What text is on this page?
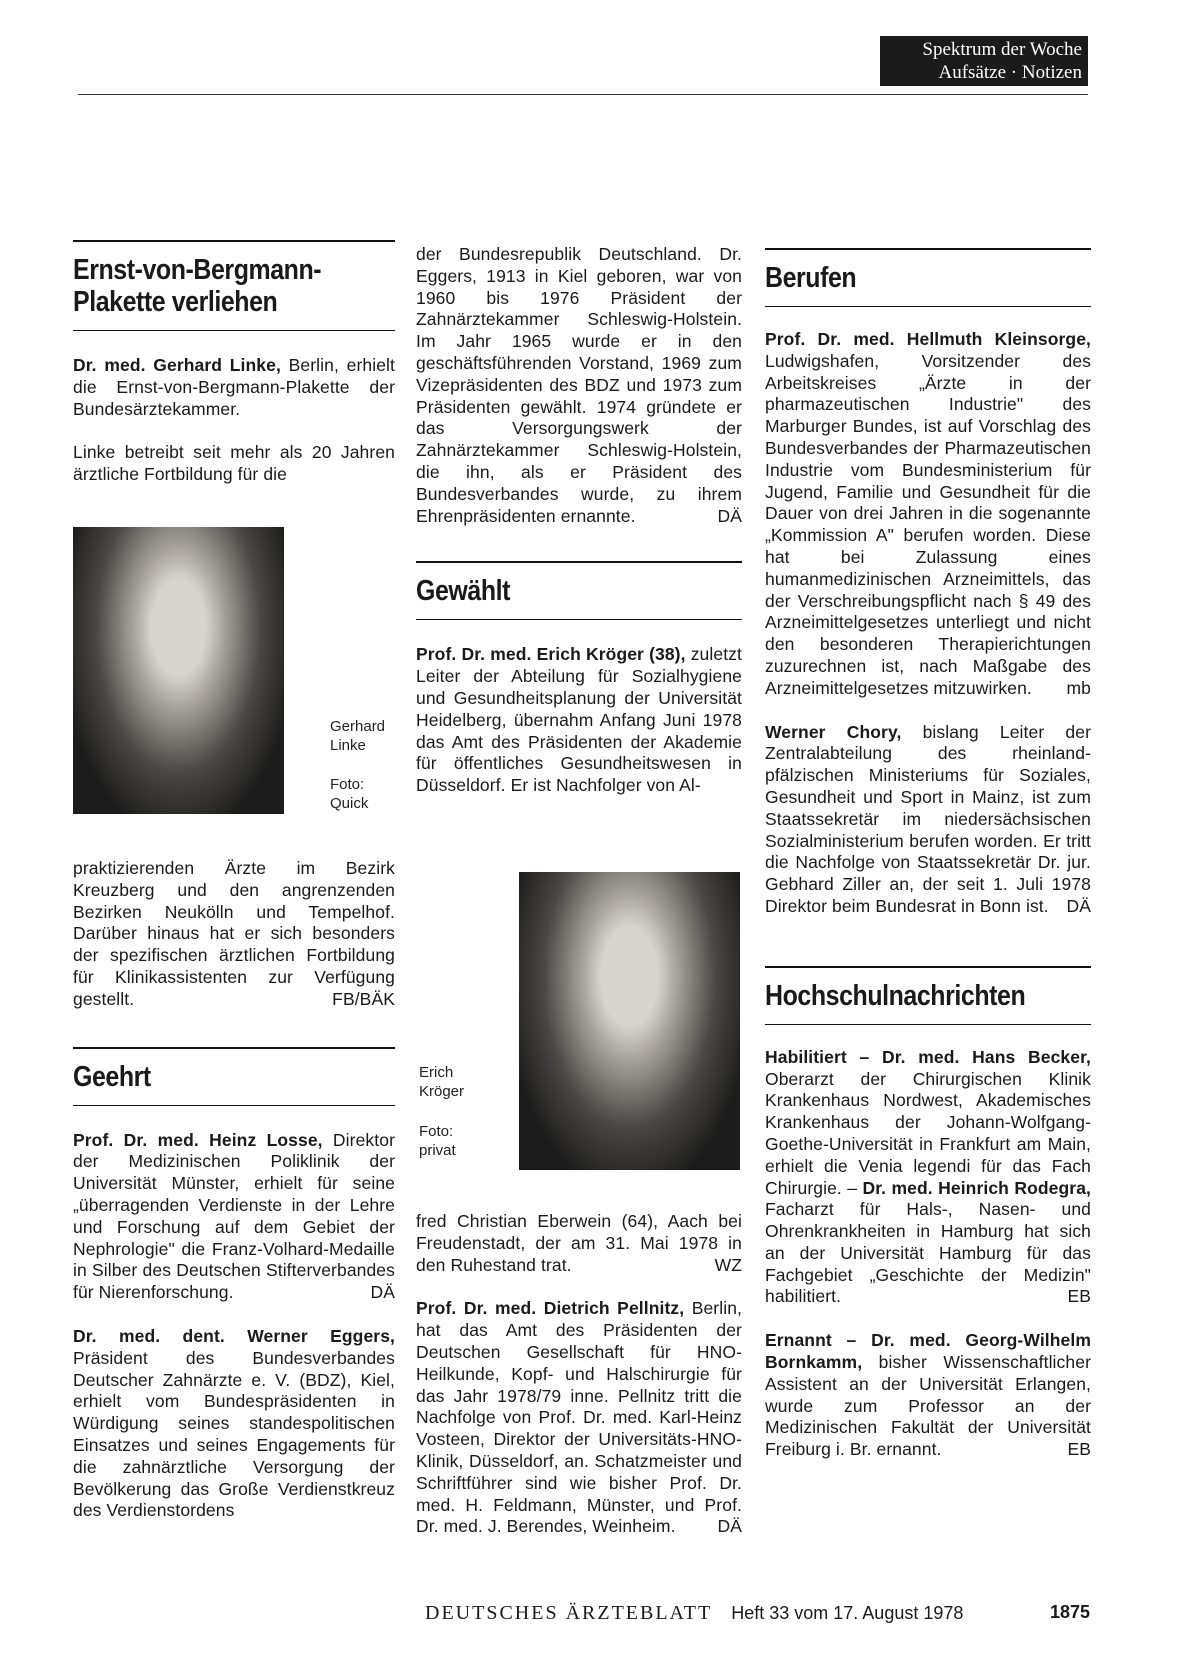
Spektrum der Woche
Aufsätze · Notizen
Ernst-von-Bergmann-
Plakette verliehen

Dr. med. Gerhard Linke, Berlin, erhielt die Ernst-von-Bergmann-Plakette der Bundesärztekammer.

Linke betreibt seit mehr als 20 Jahren ärztliche Fortbildung für die

Gerhard
Linke
Foto:
Quick

praktizierenden Ärzte im Bezirk Kreuzberg und den angrenzenden Bezirken Neukölln und Tempelhof. Darüber hinaus hat er sich besonders der spezifischen ärztlichen Fortbildung für Klinikassistenten zur Verfügung gestellt.	FB/BÄK

Geehrt

Prof. Dr. med. Heinz Losse, Direktor der Medizinischen Poliklinik der Universität Münster, erhielt für seine „überragenden Verdienste in der Lehre und Forschung auf dem Gebiet der Nephrologie" die Franz-Volhard-Medaille in Silber des Deutschen Stifterverbandes für Nierenforschung.	DÄ

Dr. med. dent. Werner Eggers, Präsident des Bundesverbandes Deutscher Zahnärzte e. V. (BDZ), Kiel, erhielt vom Bundespräsidenten in Würdigung seines standespolitischen Einsatzes und seines Engagements für die zahnärztliche Versorgung der Bevölkerung das Große Verdienstkreuz des Verdienstordens

der Bundesrepublik Deutschland. Dr. Eggers, 1913 in Kiel geboren, war von 1960 bis 1976 Präsident der Zahnärztekammer Schleswig-Holstein. Im Jahr 1965 wurde er in den geschäftsführenden Vorstand, 1969 zum Vizepräsidenten des BDZ und 1973 zum Präsidenten gewählt. 1974 gründete er das Versorgungswerk der Zahnärztekammer Schleswig-Holstein, die ihn, als er Präsident des Bundesverbandes wurde, zu ihrem Ehrenpräsidenten ernannte.	DÄ

Gewählt

Prof. Dr. med. Erich Kröger (38), zuletzt Leiter der Abteilung für Sozialhygiene und Gesundheitsplanung der Universität Heidelberg, übernahm Anfang Juni 1978 das Amt des Präsidenten der Akademie für öffentliches Gesundheitswesen in Düsseldorf. Er ist Nachfolger von Al-

Erich
Kröger
Foto:
privat

fred Christian Eberwein (64), Aach bei Freudenstadt, der am 31. Mai 1978 in den Ruhestand trat.	WZ

Prof. Dr. med. Dietrich Pellnitz, Berlin, hat das Amt des Präsidenten der Deutschen Gesellschaft für HNO-Heilkunde, Kopf- und Halschirurgie für das Jahr 1978/79 inne. Pellnitz tritt die Nachfolge von Prof. Dr. med. Karl-Heinz Vosteen, Direktor der Universitäts-HNO-Klinik, Düsseldorf, an. Schatzmeister und Schriftführer sind wie bisher Prof. Dr. med. H. Feldmann, Münster, und Prof. Dr. med. J. Berendes, Weinheim. DÄ

Berufen

Prof. Dr. med. Hellmuth Kleinsorge, Ludwigshafen, Vorsitzender des Arbeitskreises „Ärzte in der pharmazeutischen Industrie" des Marburger Bundes, ist auf Vorschlag des Bundesverbandes der Pharmazeutischen Industrie vom Bundesministerium für Jugend, Familie und Gesundheit für die Dauer von drei Jahren in die sogenannte „Kommission A" berufen worden. Diese hat bei Zulassung eines humanmedizinischen Arzneimittels, das der Verschreibungspflicht nach § 49 des Arzneimittelgesetzes unterliegt und nicht den besonderen Therapierichtungen zuzurechnen ist, nach Maßgabe des Arzneimittelgesetzes mitzuwirken. mb

Werner Chory, bislang Leiter der Zentralabteilung des rheinland-pfälzischen Ministeriums für Soziales, Gesundheit und Sport in Mainz, ist zum Staatssekretär im niedersächsischen Sozialministerium berufen worden. Er tritt die Nachfolge von Staatssekretär Dr. jur. Gebhard Ziller an, der seit 1. Juli 1978 Direktor beim Bundesrat in Bonn ist. DÄ

Hochschulnachrichten

Habilitiert – Dr. med. Hans Becker, Oberarzt der Chirurgischen Klinik Krankenhaus Nordwest, Akademisches Krankenhaus der Johann-Wolfgang-Goethe-Universität in Frankfurt am Main, erhielt die Venia legendi für das Fach Chirurgie. – Dr. med. Heinrich Rodegra, Facharzt für Hals-, Nasen- und Ohrenkrankheiten in Hamburg hat sich an der Universität Hamburg für das Fachgebiet „Geschichte der Medizin" habilitiert.	EB

Ernannt – Dr. med. Georg-Wilhelm Bornkamm, bisher Wissenschaftlicher Assistent an der Universität Erlangen, wurde zum Professor an der Medizinischen Fakultät der Universität Freiburg i. Br. ernannt.	EB

DEUTSCHES ÄRZTEBLATT Heft 33 vom 17. August 1978	1875
